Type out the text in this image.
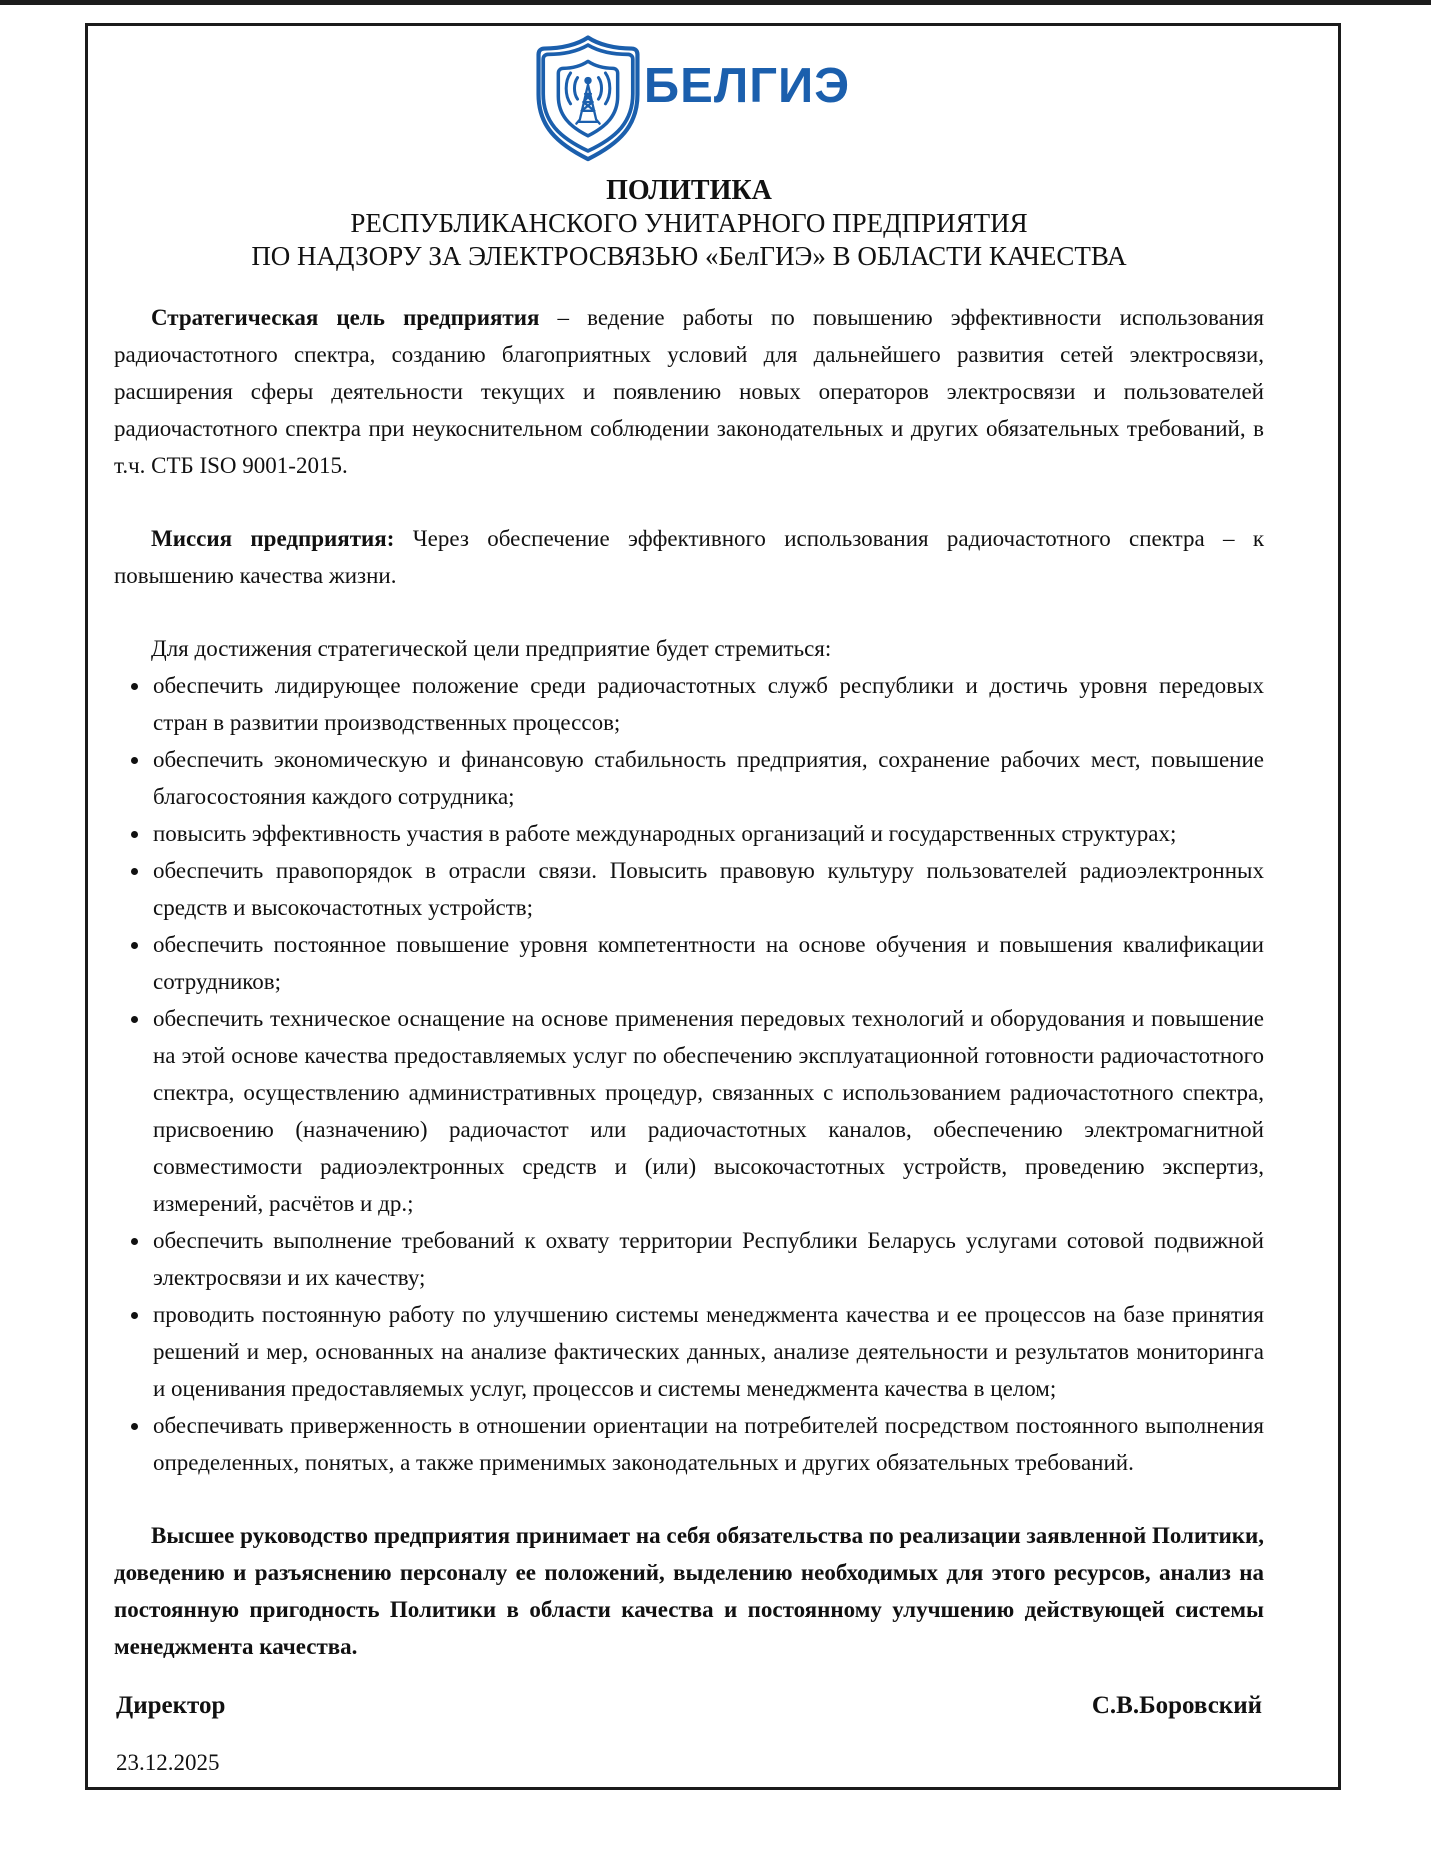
БЕЛГИЭ
ПОЛИТИКА
РЕСПУБЛИКАНСКОГО УНИТАРНОГО ПРЕДПРИЯТИЯ
ПО НАДЗОРУ ЗА ЭЛЕКТРОСВЯЗЬЮ «БелГИЭ» В ОБЛАСТИ КАЧЕСТВА

Стратегическая цель предприятия – ведение работы по повышению эффективности использования радиочастотного спектра, созданию благоприятных условий для дальнейшего развития сетей электросвязи, расширения сферы деятельности текущих и появлению новых операторов электросвязи и пользователей радиочастотного спектра при неукоснительном соблюдении законодательных и других обязательных требований, в т.ч. СТБ ISO 9001-2015.

Миссия предприятия: Через обеспечение эффективного использования радиочастотного спектра – к повышению качества жизни.

Для достижения стратегической цели предприятие будет стремиться:

• обеспечить лидирующее положение среди радиочастотных служб республики и достичь уровня передовых стран в развитии производственных процессов;
• обеспечить экономическую и финансовую стабильность предприятия, сохранение рабочих мест, повышение благосостояния каждого сотрудника;
• повысить эффективность участия в работе международных организаций и государственных структурах;
• обеспечить правопорядок в отрасли связи. Повысить правовую культуру пользователей радиоэлектронных средств и высокочастотных устройств;
• обеспечить постоянное повышение уровня компетентности на основе обучения и повышения квалификации сотрудников;
• обеспечить техническое оснащение на основе применения передовых технологий и оборудования и повышение на этой основе качества предоставляемых услуг по обеспечению эксплуатационной готовности радиочастотного спектра, осуществлению административных процедур, связанных с использованием радиочастотного спектра, присвоению (назначению) радиочастот или радиочастотных каналов, обеспечению электромагнитной совместимости радиоэлектронных средств и (или) высокочастотных устройств, проведению экспертиз, измерений, расчётов и др.;
• обеспечить выполнение требований к охвату территории Республики Беларусь услугами сотовой подвижной электросвязи и их качеству;
• проводить постоянную работу по улучшению системы менеджмента качества и ее процессов на базе принятия решений и мер, основанных на анализе фактических данных, анализе деятельности и результатов мониторинга и оценивания предоставляемых услуг, процессов и системы менеджмента качества в целом;
• обеспечивать приверженность в отношении ориентации на потребителей посредством постоянного выполнения определенных, понятых, а также применимых законодательных и других обязательных требований.

Высшее руководство предприятия принимает на себя обязательства по реализации заявленной Политики, доведению и разъяснению персоналу ее положений, выделению необходимых для этого ресурсов, анализ на постоянную пригодность Политики в области качества и постоянному улучшению действующей системы менеджмента качества.

Директор	С.В.Боровский
23.12.2025
